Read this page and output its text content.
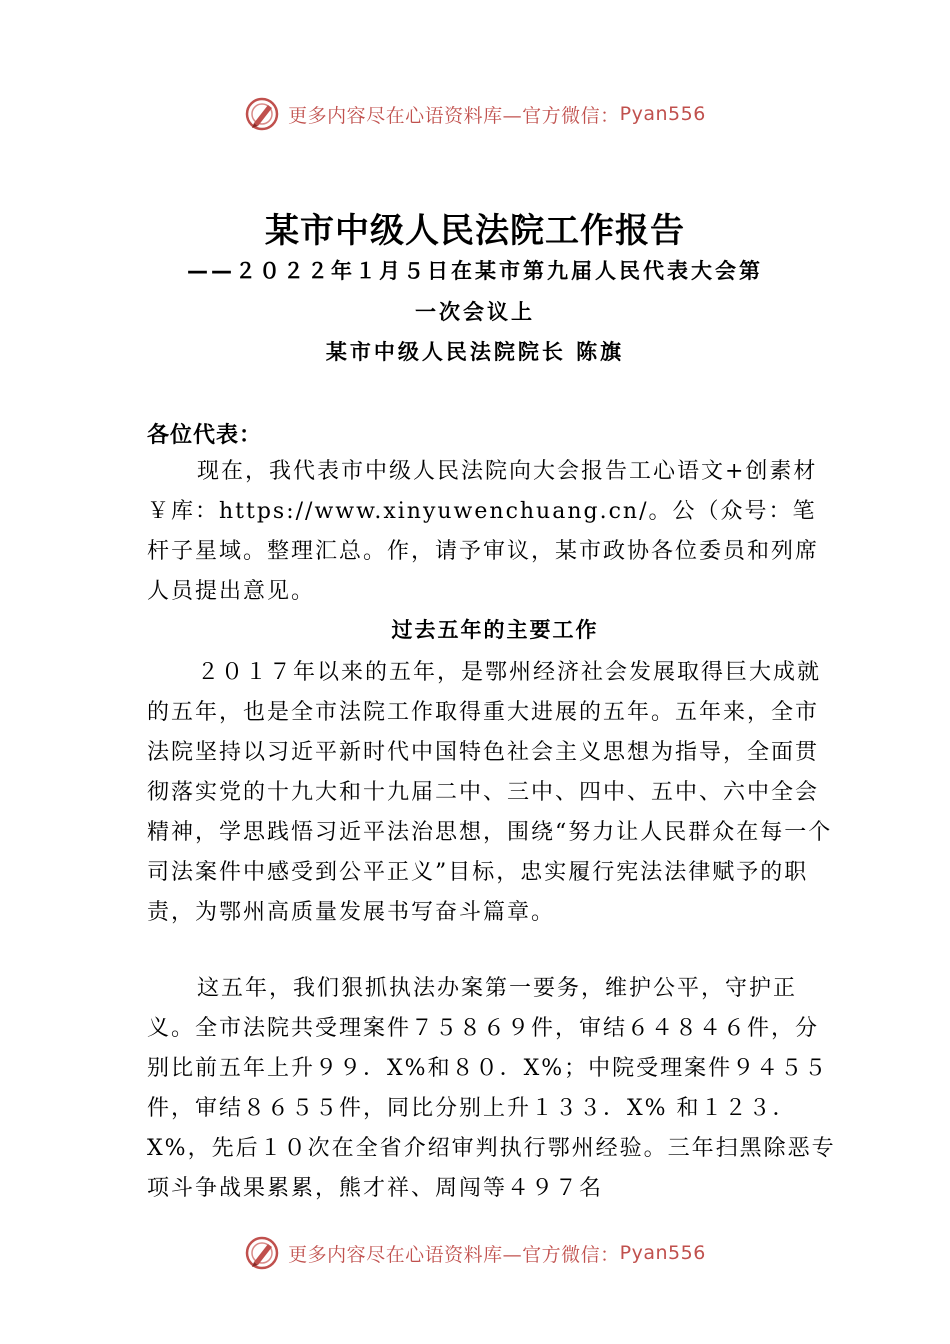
更多内容尽在心语资料库—官方微信： Pyan556
某市中级人民法院工作报告

——２０２２年１月５日在某市第九届人民代表大会第

一次会议上

某市中级人民法院院长 陈旗

各位代表：
现在，我代表市中级人民法院向大会报告工心语文+创素材￥库：https://www.xinyuwenchuang.cn/。公（众号：笔杆子星域。整理汇总。作，请予审议，某市政协各位委员和列席人员提出意见。
过去五年的主要工作
２０１７年以来的五年，是鄂州经济社会发展取得巨大成就的五年，也是全市法院工作取得重大进展的五年。五年来，全市法院坚持以习近平新时代中国特色社会主义思想为指导，全面贯彻落实党的十九大和十九届二中、三中、四中、五中、六中全会精神，学思践悟习近平法治思想，围绕“努力让人民群众在每一个司法案件中感受到公平正义”目标，忠实履行宪法法律赋予的职责，为鄂州高质量发展书写奋斗篇章。
这五年，我们狠抓执法办案第一要务，维护公平，守护正义。全市法院共受理案件７５８６９件，审结６４８４６件，分别比前五年上升９９．X%和８０．X%；中院受理案件９４５５件，审结８６５５件，同比分别上升１３３．X% 和１２３．X%，先后１０次在全省介绍审判执行鄂州经验。三年扫黑除恶专项斗争战果累累，熊才祥、周闯等４９７名
更多内容尽在心语资料库—官方微信： Pyan556
